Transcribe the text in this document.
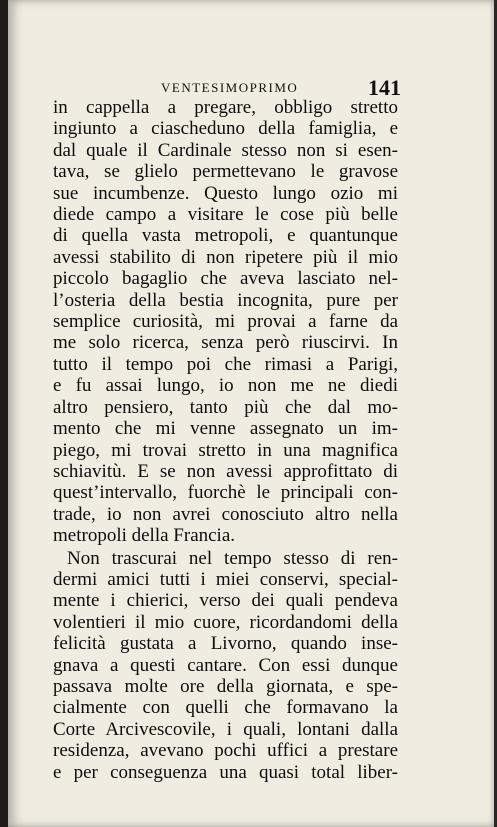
VENTESIMOPRIMO	141
in cappella a pregare, obbligo stretto
ingiunto a ciascheduno della famiglia, e
dal quale il Cardinale stesso non si esen-
tava, se glielo permettevano le gravose
sue incumbenze. Questo lungo ozio mi
diede campo a visitare le cose più belle
di quella vasta metropoli, e quantunque
avessi stabilito di non ripetere più il mio
piccolo bagaglio che aveva lasciato nel-
l’osteria della bestia incognita, pure per
semplice curiosità, mi provai a farne da
me solo ricerca, senza però riuscirvi. In
tutto il tempo poi che rimasi a Parigi,
e fu assai lungo, io non me ne diedi
altro pensiero, tanto più che dal mo-
mento che mi venne assegnato un im-
piego, mi trovai stretto in una magnifica
schiavitù. E se non avessi approfittato di
quest’intervallo, fuorchè le principali con-
trade, io non avrei conosciuto altro nella
metropoli della Francia.
Non trascurai nel tempo stesso di ren-
dermi amici tutti i miei conservi, special-
mente i chierici, verso dei quali pendeva
volentieri il mio cuore, ricordandomi della
felicità gustata a Livorno, quando inse-
gnava a questi cantare. Con essi dunque
passava molte ore della giornata, e spe-
cialmente con quelli che formavano la
Corte Arcivescovile, i quali, lontani dalla
residenza, avevano pochi uffici a prestare
e per conseguenza una quasi total liber-
